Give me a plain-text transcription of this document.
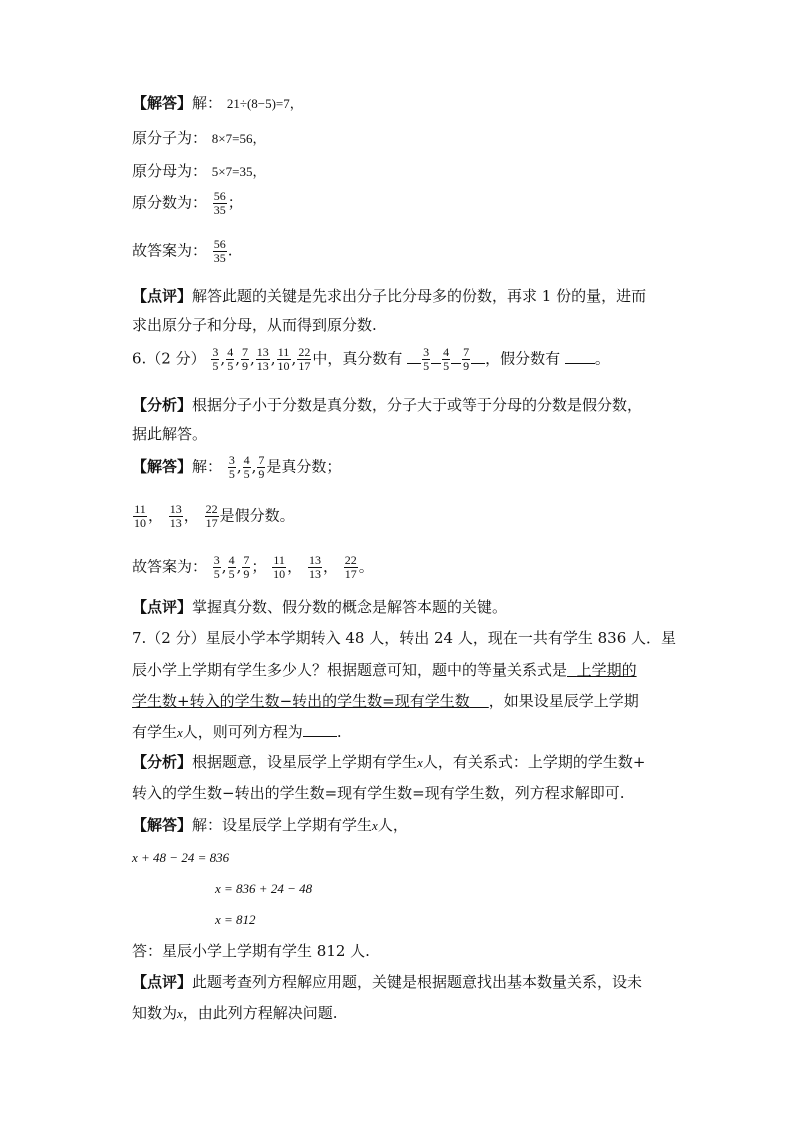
【解答】解： 21÷(8−5)=7，
原分子为： 8×7=56，
原分母为： 5×7=35，
原分数为： $\frac{56}{35}$ ；
故答案为： $\frac{56}{35}$ .
【点评】解答此题的关键是先求出分子比分母多的份数，再求 1 份的量，进而
求出原分子和分母，从而得到原分数.
6.（2 分） $\frac{3}{5}$ , $\frac{4}{5}$ , $\frac{7}{9}$ , $\frac{13}{13}$ , $\frac{11}{10}$ , $\frac{22}{17}$ 中，真分数有 $\frac{3}{5} \frac{4}{5} \frac{7}{9}$ ，假分数有 。
【分析】根据分子小于分数是真分数，分子大于或等于分母的分数是假分数，
据此解答。
【解答】解： $\frac{3}{5}$ , $\frac{4}{5}$ , $\frac{7}{9}$ 是真分数；
$\frac{11}{10}$ ， $\frac{13}{13}$ ， $\frac{22}{17}$ 是假分数。
故答案为： $\frac{3}{5}$ , $\frac{4}{5}$ , $\frac{7}{9}$ ； $\frac{11}{10}$ ， $\frac{13}{13}$ ， $\frac{22}{17}$ 。
【点评】掌握真分数、假分数的概念是解答本题的关键。
7.（2 分）星辰小学本学期转入 48 人，转出 24 人，现在一共有学生 836 人．星
辰小学上学期有学生多少人？根据题意可知，题中的等量关系式是 上学期的
学生数+转入的学生数−转出的学生数=现有学生数 ，如果设星辰学上学期
有学生x人，则可列方程为 .
【分析】根据题意，设星辰学上学期有学生x人，有关系式：上学期的学生数+
转入的学生数−转出的学生数=现有学生数=现有学生数，列方程求解即可.
【解答】解：设星辰学上学期有学生x人，
x + 48 − 24 = 836
x = 836 + 24 − 48
x = 812
答：星辰小学上学期有学生 812 人.
【点评】此题考查列方程解应用题，关键是根据题意找出基本数量关系，设未
知数为x，由此列方程解决问题.
